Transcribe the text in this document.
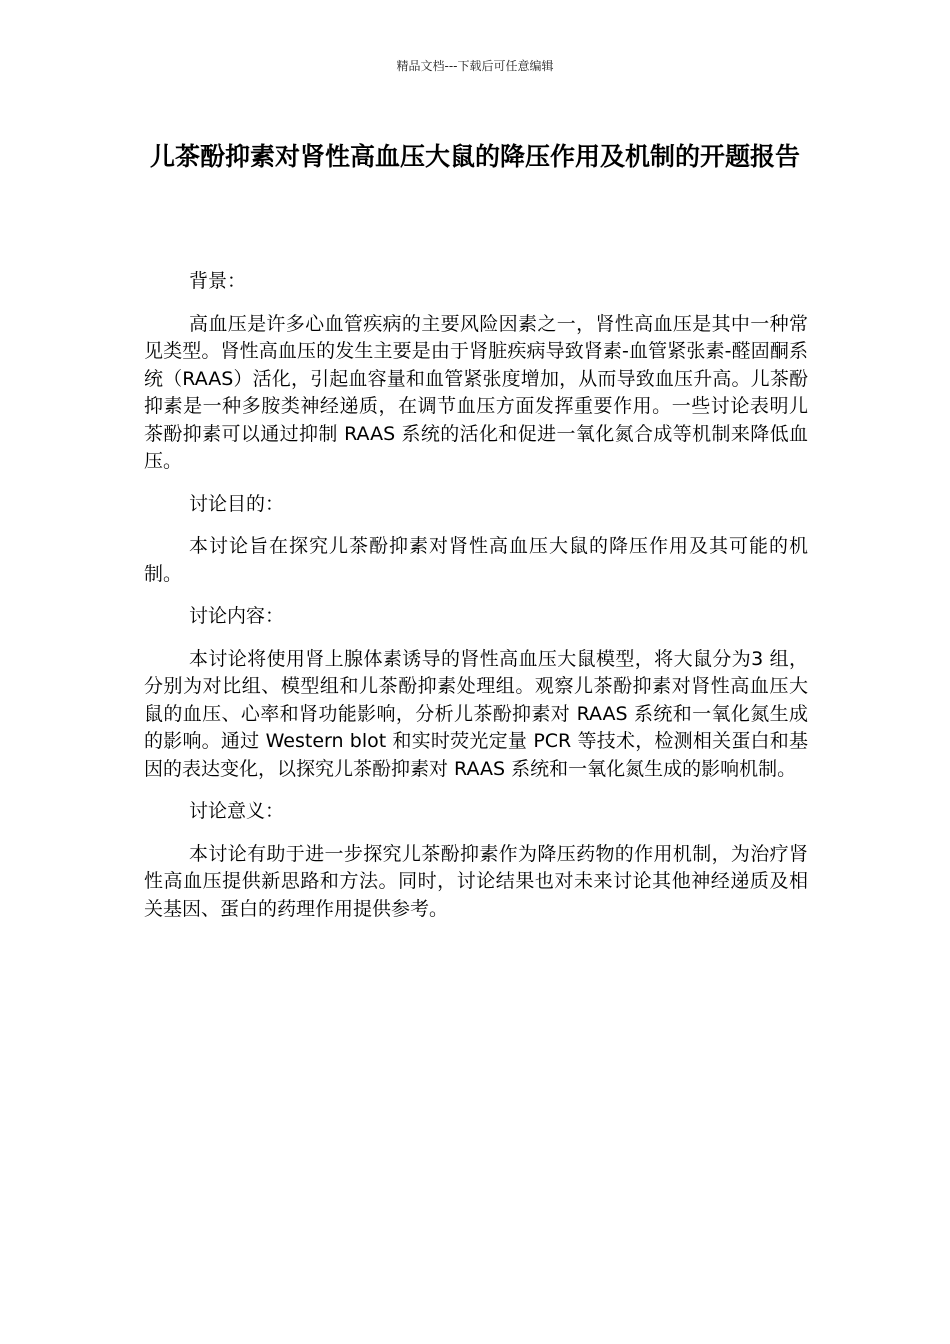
精品文档---下载后可任意编辑
儿茶酚抑素对肾性高血压大鼠的降压作用及机制的开题报告

背景：

高血压是许多心血管疾病的主要风险因素之一，肾性高血压是其中一种常见类型。肾性高血压的发生主要是由于肾脏疾病导致肾素-血管紧张素-醛固酮系统（RAAS）活化，引起血容量和血管紧张度增加，从而导致血压升高。儿茶酚抑素是一种多胺类神经递质，在调节血压方面发挥重要作用。一些讨论表明儿茶酚抑素可以通过抑制 RAAS 系统的活化和促进一氧化氮合成等机制来降低血压。

讨论目的：

本讨论旨在探究儿茶酚抑素对肾性高血压大鼠的降压作用及其可能的机制。

讨论内容：

本讨论将使用肾上腺体素诱导的肾性高血压大鼠模型，将大鼠分为3 组，分别为对比组、模型组和儿茶酚抑素处理组。观察儿茶酚抑素对肾性高血压大鼠的血压、心率和肾功能影响，分析儿茶酚抑素对 RAAS 系统和一氧化氮生成的影响。通过 Western blot 和实时荧光定量 PCR 等技术，检测相关蛋白和基因的表达变化，以探究儿茶酚抑素对 RAAS 系统和一氧化氮生成的影响机制。

讨论意义：

本讨论有助于进一步探究儿茶酚抑素作为降压药物的作用机制，为治疗肾性高血压提供新思路和方法。同时，讨论结果也对未来讨论其他神经递质及相关基因、蛋白的药理作用提供参考。
